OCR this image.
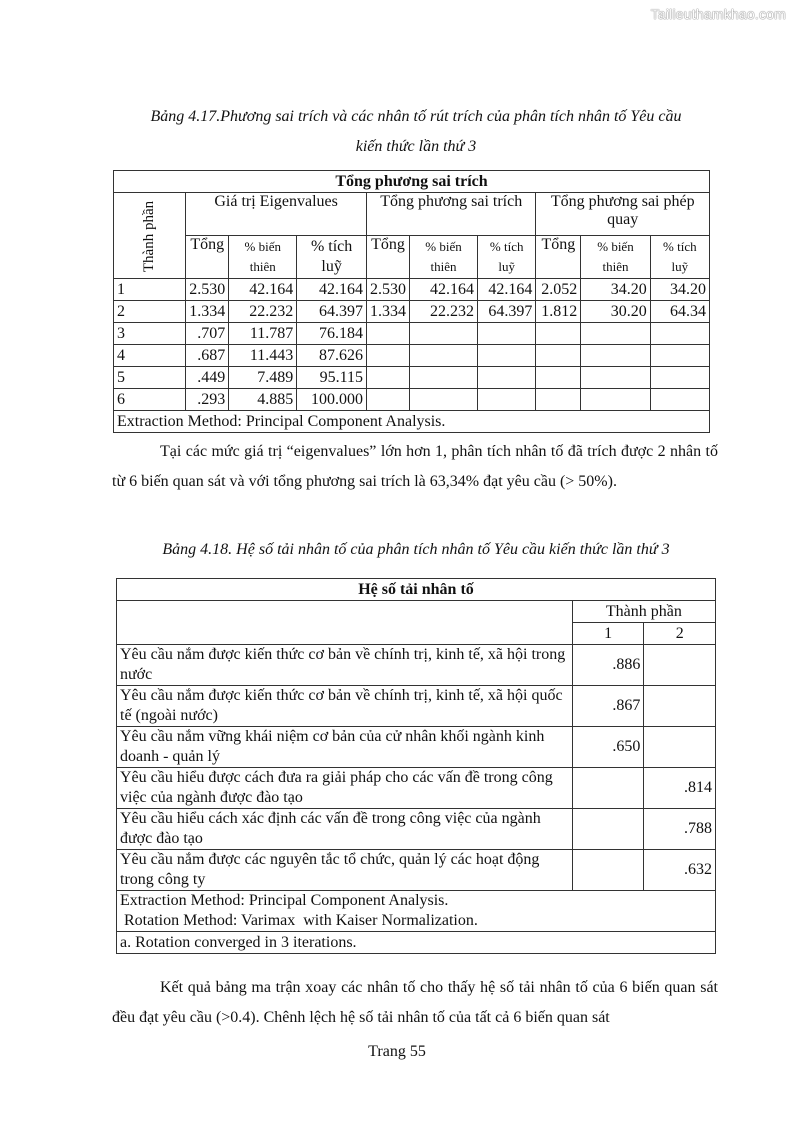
Tailieuthamkhao.com
Bảng 4.17.Phương sai trích và các nhân tố rút trích của phân tích nhân tố Yêu cầu
kiến thức lần thứ 3
Tổng phương sai trích									
Thành phần	Giá trị Eigenvalues			Tổng phương sai trích			Tổng phương sai phép quay		
	Tổng	% biến thiên	% tích luỹ	Tổng	% biến thiên	% tích luỹ	Tổng	% biến thiên	% tích luỹ
1	2.530	42.164	42.164	2.530	42.164	42.164	2.052	34.20	34.20
2	1.334	22.232	64.397	1.334	22.232	64.397	1.812	30.20	64.34
3	.707	11.787	76.184						
4	.687	11.443	87.626						
5	.449	7.489	95.115						
6	.293	4.885	100.000						
Extraction Method: Principal Component Analysis.									
Tại các mức giá trị “eigenvalues” lớn hơn 1, phân tích nhân tố đã trích được 2 nhân tố từ 6 biến quan sát và với tổng phương sai trích là 63,34% đạt yêu cầu (> 50%).
Bảng 4.18. Hệ số tải nhân tố của phân tích nhân tố Yêu cầu kiến thức lần thứ 3
Hệ số tải nhân tố		
	Thành phần	
	1	2
Yêu cầu nắm được kiến thức cơ bản về chính trị, kinh tế, xã hội trong nước	.886	
Yêu cầu nắm được kiến thức cơ bản về chính trị, kinh tế, xã hội quốc tế (ngoài nước)	.867	
Yêu cầu nắm vững khái niệm cơ bản của cử nhân khối ngành kinh doanh - quản lý	.650	
Yêu cầu hiểu được cách đưa ra giải pháp cho các vấn đề trong công việc của ngành được đào tạo		.814
Yêu cầu hiểu cách xác định các vấn đề trong công việc của ngành được đào tạo		.788
Yêu cầu nắm được các nguyên tắc tổ chức, quản lý các hoạt động trong công ty		.632

Extraction Method: Principal Component Analysis.
Rotation Method: Varimax  with Kaiser Normalization.		

a. Rotation converged in 3 iterations.		
Kết quả bảng ma trận xoay các nhân tố cho thấy hệ số tải nhân tố của 6 biến quan sát đều đạt yêu cầu (>0.4). Chênh lệch hệ số tải nhân tố của tất cả 6 biến quan sát
Trang 55
